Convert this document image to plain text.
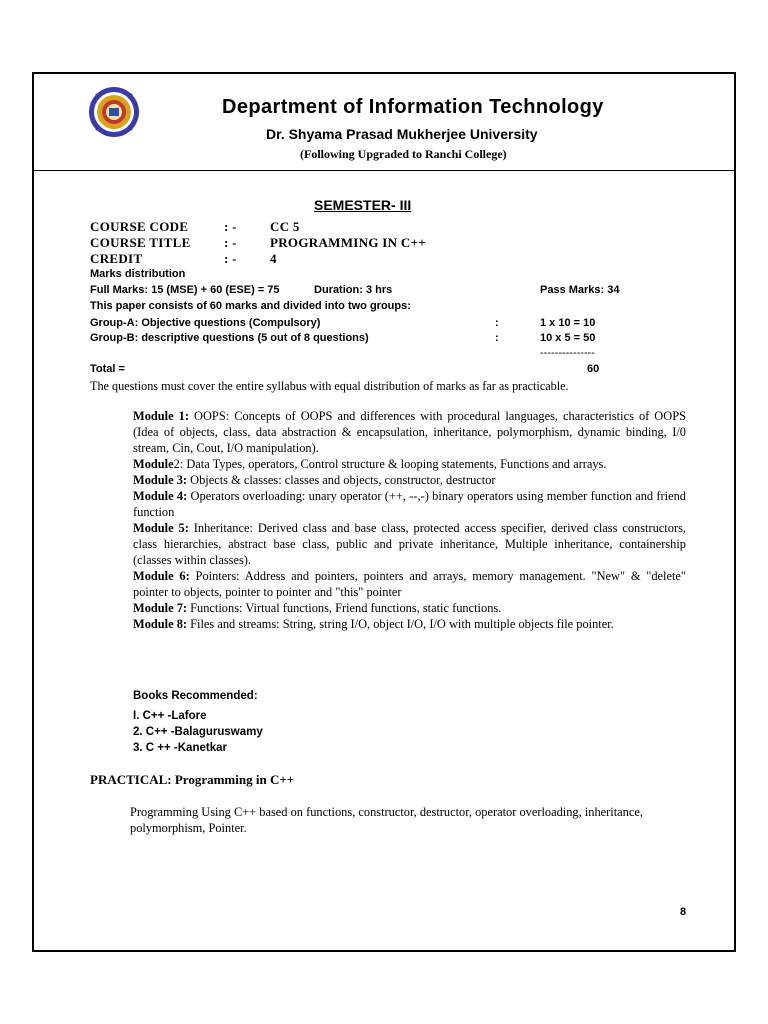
Department of Information Technology
Dr. Shyama Prasad Mukherjee University
(Following Upgraded to Ranchi College)
SEMESTER- III
COURSE CODE	: -	CC 5
COURSE TITLE	: -	PROGRAMMING IN C++
CREDIT	: -	4
Marks distribution
Full Marks: 15 (MSE) + 60 (ESE) = 75	Duration: 3 hrs	Pass Marks: 34
This paper consists of 60 marks and divided into two groups:
Group-A: Objective questions (Compulsory)	:	1 x 10 = 10
Group-B: descriptive questions (5 out of 8 questions)	:	10 x 5 = 50
---------------
Total =	60
The questions must cover the entire syllabus with equal distribution of marks as far as practicable.

Module 1: OOPS: Concepts of OOPS and differences with procedural languages, characteristics of OOPS (Idea of objects, class, data abstraction & encapsulation, inheritance, polymorphism, dynamic binding, I/0 stream, Cin, Cout, I/O manipulation).

Module2: Data Types, operators, Control structure & looping statements, Functions and arrays.

Module 3: Objects & classes: classes and objects, constructor, destructor

Module 4: Operators overloading: unary operator (++, --,-) binary operators using member function and friend function

Module 5: Inheritance: Derived class and base class, protected access specifier, derived class constructors, class hierarchies, abstract base class, public and private inheritance, Multiple inheritance, containership (classes within classes).

Module 6: Pointers: Address and pointers, pointers and arrays, memory management. "New" & "delete" pointer to objects, pointer to pointer and "this" pointer

Module 7: Functions: Virtual functions, Friend functions, static functions.

Module 8: Files and streams: String, string I/O, object I/O, I/O with multiple objects file pointer.

Books Recommended:
I. C++ -Lafore
2. C++ -Balaguruswamy
3. C ++ -Kanetkar
PRACTICAL: Programming in C++
Programming Using C++ based on functions, constructor, destructor, operator overloading, inheritance, polymorphism, Pointer.
8
